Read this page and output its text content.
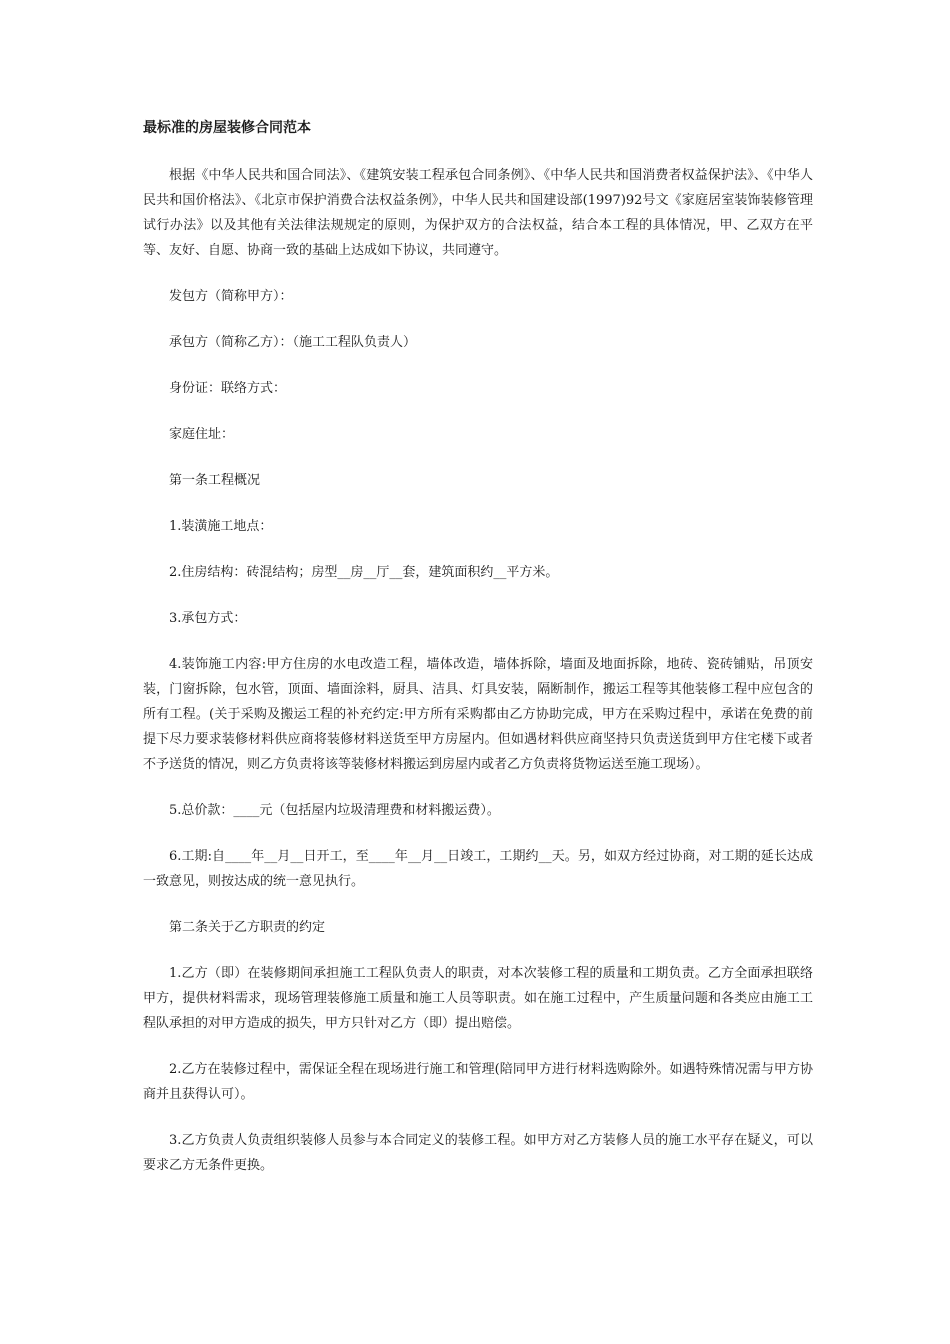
最标准的房屋装修合同范本

根据《中华人民共和国合同法》、《建筑安装工程承包合同条例》、《中华人民共和国消费者权益保护法》、《中华人民共和国价格法》、《北京市保护消费合法权益条例》，中华人民共和国建设部(1997)92号文《家庭居室装饰装修管理试行办法》以及其他有关法律法规规定的原则，为保护双方的合法权益，结合本工程的具体情况，甲、乙双方在平等、友好、自愿、协商一致的基础上达成如下协议，共同遵守。

发包方（简称甲方）：

承包方（简称乙方）：（施工工程队负责人）

身份证：联络方式：

家庭住址：

第一条工程概况

1.装潢施工地点：

2.住房结构：砖混结构；房型__房__厅__套，建筑面积约__平方米。

3.承包方式：

4.装饰施工内容:甲方住房的水电改造工程，墙体改造，墙体拆除，墙面及地面拆除，地砖、瓷砖铺贴，吊顶安装，门窗拆除，包水管，顶面、墙面涂料，厨具、洁具、灯具安装，隔断制作，搬运工程等其他装修工程中应包含的所有工程。(关于采购及搬运工程的补充约定:甲方所有采购都由乙方协助完成，甲方在采购过程中，承诺在免费的前提下尽力要求装修材料供应商将装修材料送货至甲方房屋内。但如遇材料供应商坚持只负责送货到甲方住宅楼下或者不予送货的情况，则乙方负责将该等装修材料搬运到房屋内或者乙方负责将货物运送至施工现场）。

5.总价款：____元（包括屋内垃圾清理费和材料搬运费）。

6.工期:自____年__月__日开工，至____年__月__日竣工，工期约__天。另，如双方经过协商，对工期的延长达成一致意见，则按达成的统一意见执行。

第二条关于乙方职责的约定

1.乙方（即）在装修期间承担施工工程队负责人的职责，对本次装修工程的质量和工期负责。乙方全面承担联络甲方，提供材料需求，现场管理装修施工质量和施工人员等职责。如在施工过程中，产生质量问题和各类应由施工工程队承担的对甲方造成的损失，甲方只针对乙方（即）提出赔偿。

2.乙方在装修过程中，需保证全程在现场进行施工和管理(陪同甲方进行材料选购除外。如遇特殊情况需与甲方协商并且获得认可）。

3.乙方负责人负责组织装修人员参与本合同定义的装修工程。如甲方对乙方装修人员的施工水平存在疑义，可以要求乙方无条件更换。
